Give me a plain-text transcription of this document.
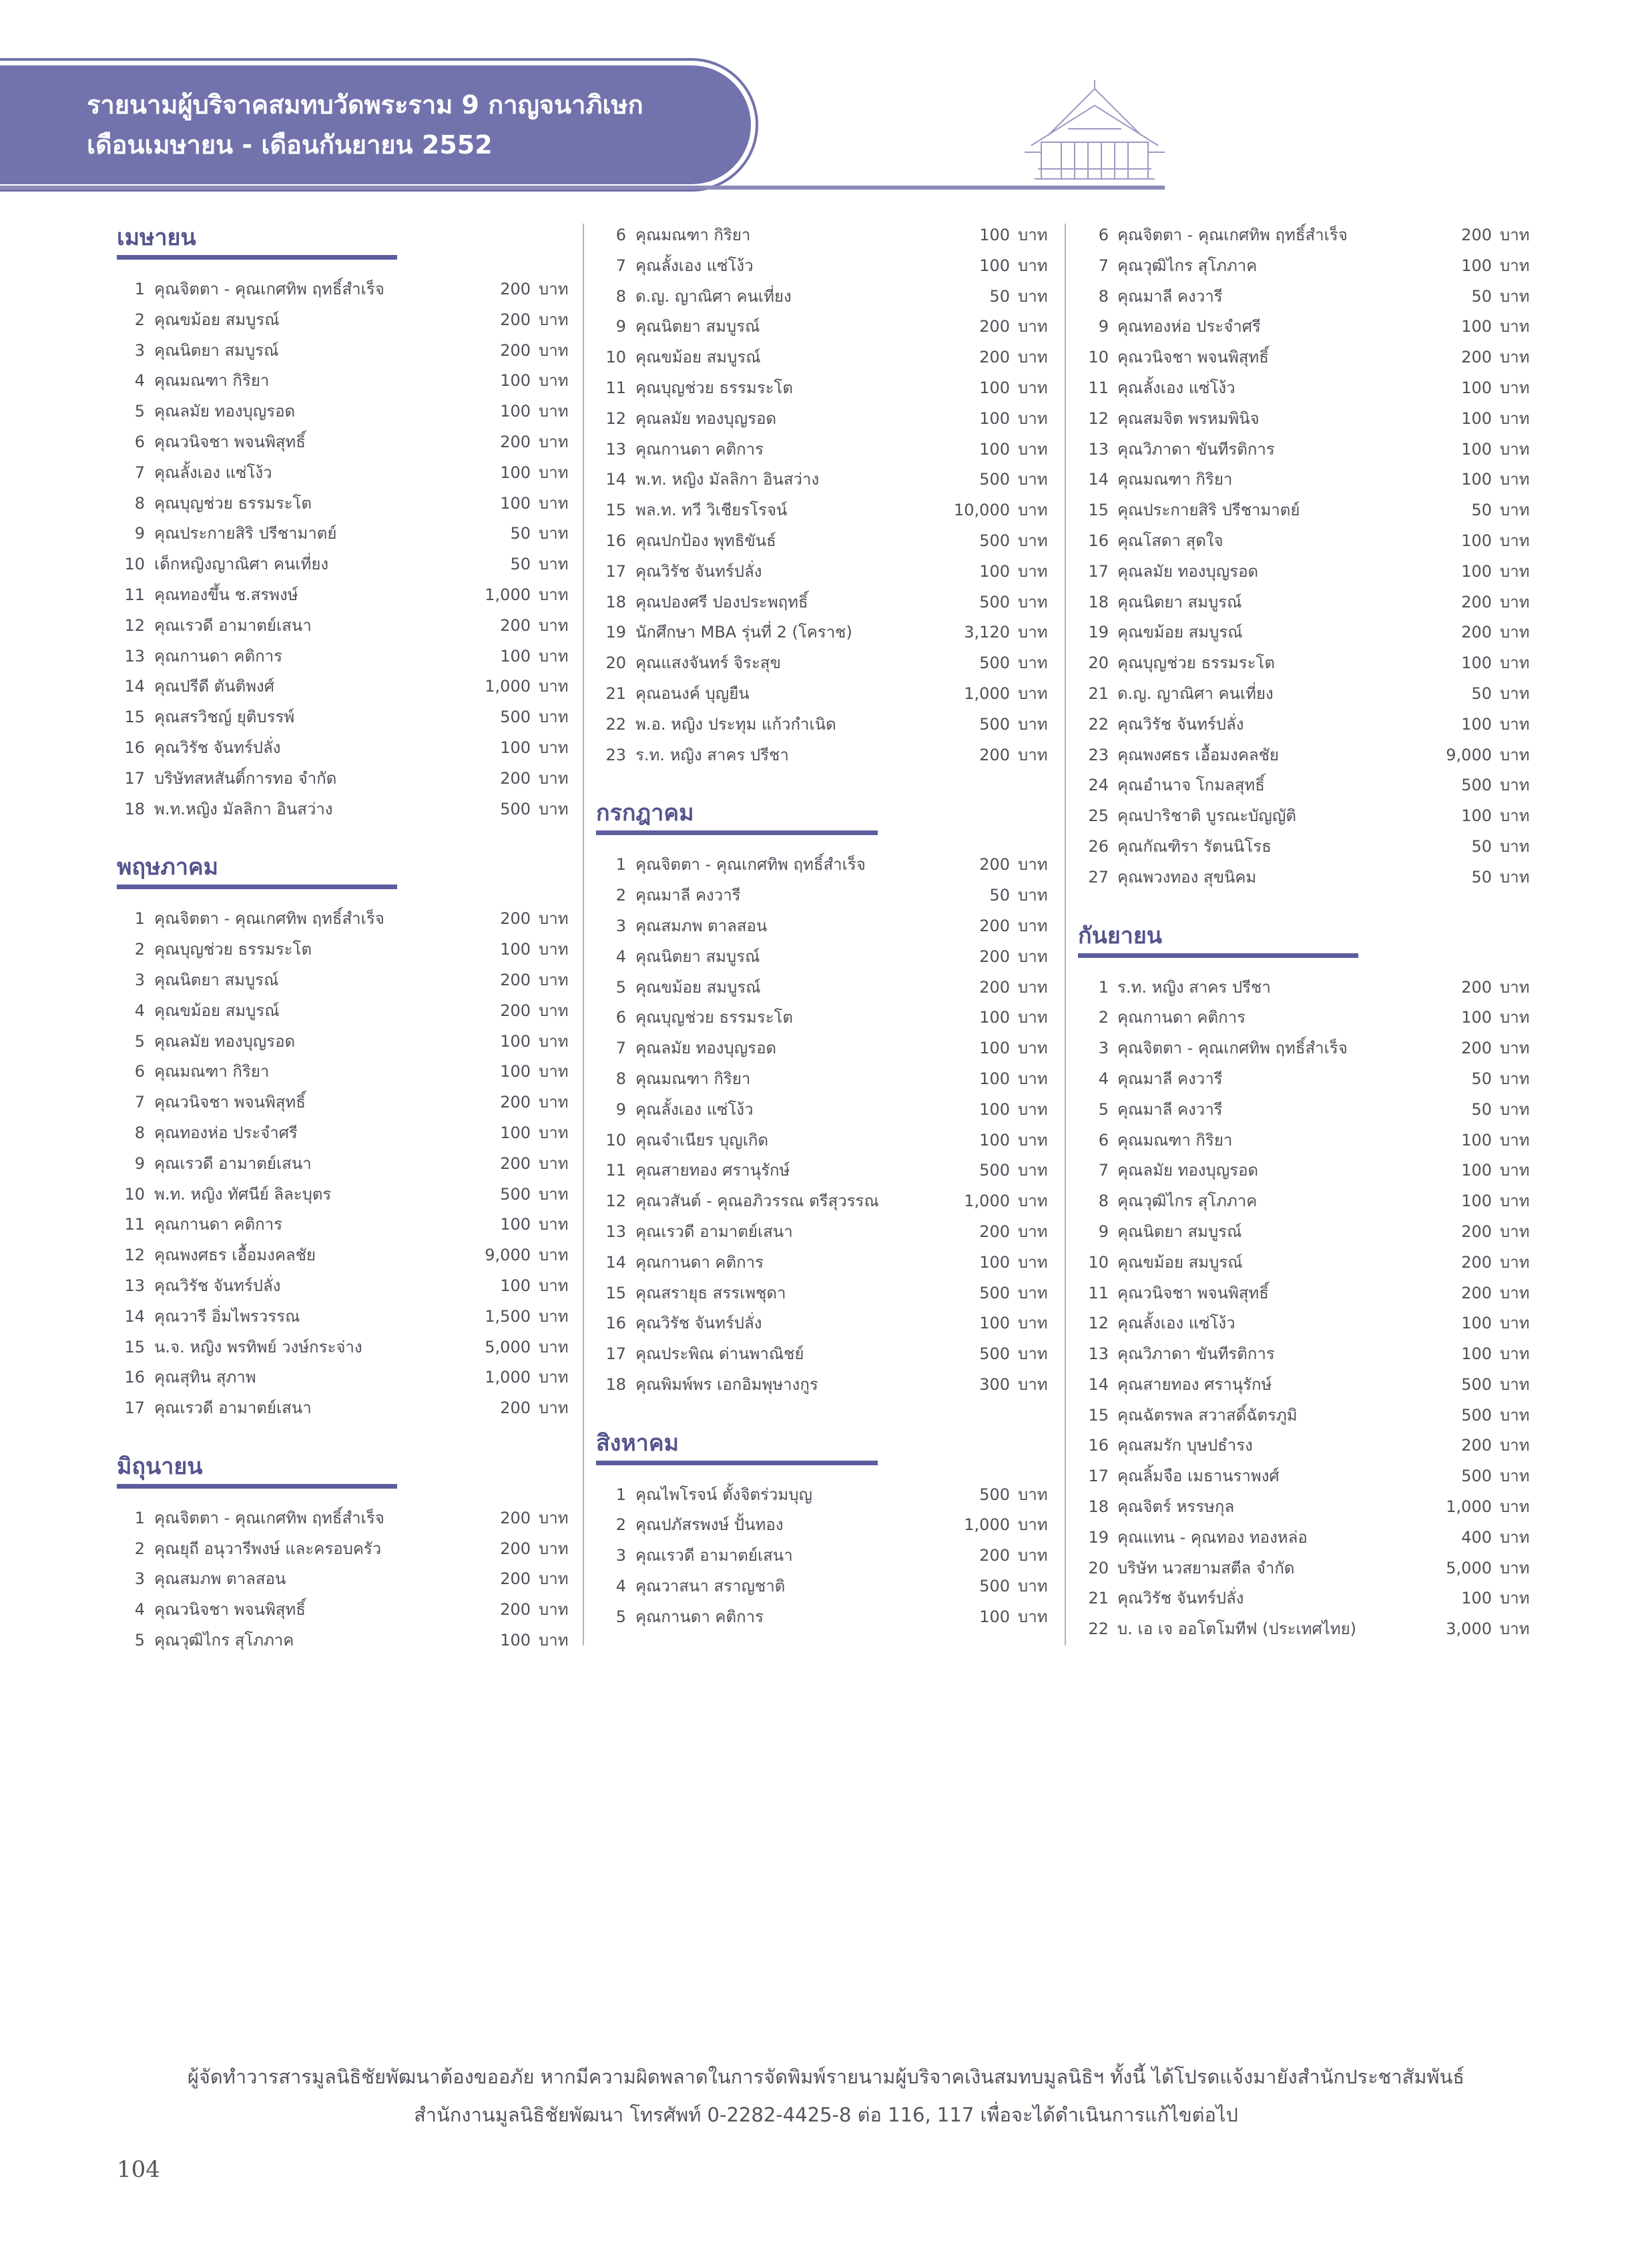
รายนามผู้บริจาคสมทบวัดพระราม 9 กาญจนาภิเษก
เดือนเมษายน - เดือนกันยายน 2552
เมษายน
1 คุณจิตตา - คุณเกศทิพ ฤทธิ์สำเร็จ	200 บาท
2 คุณขม้อย สมบูรณ์	200 บาท
3 คุณนิตยา สมบูรณ์	200 บาท
4 คุณมณฑา กิริยา	100 บาท
5 คุณลมัย ทองบุญรอด	100 บาท
6 คุณวนิจชา พจนพิสุทธิ์	200 บาท
7 คุณลั้งเอง แซ่โง้ว	100 บาท
8 คุณบุญช่วย ธรรมระโต	100 บาท
9 คุณประกายสิริ ปรีชามาตย์	50 บาท
10 เด็กหญิงญาณิศา คนเที่ยง	50 บาท
11 คุณทองขึ้น ช.สรพงษ์	1,000 บาท
12 คุณเรวดี อามาตย์เสนา	200 บาท
13 คุณกานดา คติการ	100 บาท
14 คุณปรีดี ตันติพงศ์	1,000 บาท
15 คุณสรวิชญ์ ยุติบรรพ์	500 บาท
16 คุณวิรัช จันทร์ปลั่ง	100 บาท
17 บริษัทสหสันติ์การทอ จำกัด	200 บาท
18 พ.ท.หญิง มัลลิกา อินสว่าง	500 บาท
พฤษภาคม
1 คุณจิตตา - คุณเกศทิพ ฤทธิ์สำเร็จ	200 บาท
2 คุณบุญช่วย ธรรมระโต	100 บาท
3 คุณนิตยา สมบูรณ์	200 บาท
4 คุณขม้อย สมบูรณ์	200 บาท
5 คุณลมัย ทองบุญรอด	100 บาท
6 คุณมณฑา กิริยา	100 บาท
7 คุณวนิจชา พจนพิสุทธิ์	200 บาท
8 คุณทองห่อ ประจำศรี	100 บาท
9 คุณเรวดี อามาตย์เสนา	200 บาท
10 พ.ท. หญิง ทัศนีย์ ลิละบุตร	500 บาท
11 คุณกานดา คติการ	100 บาท
12 คุณพงศธร เอื้อมงคลชัย	9,000 บาท
13 คุณวิรัช จันทร์ปลั่ง	100 บาท
14 คุณวารี อิ่มไพรวรรณ	1,500 บาท
15 น.จ. หญิง พรทิพย์ วงษ์กระจ่าง	5,000 บาท
16 คุณสุทิน สุภาพ	1,000 บาท
17 คุณเรวดี อามาตย์เสนา	200 บาท
มิถุนายน
1 คุณจิตตา - คุณเกศทิพ ฤทธิ์สำเร็จ	200 บาท
2 คุณยุถี อนุวารีพงษ์ และครอบครัว	200 บาท
3 คุณสมภพ ตาลสอน	200 บาท
4 คุณวนิจชา พจนพิสุทธิ์	200 บาท
5 คุณวุฒิไกร สุโภภาค	100 บาท
6 คุณมณฑา กิริยา	100 บาท
7 คุณลั้งเอง แซ่โง้ว	100 บาท
8 ด.ญ. ญาณิศา คนเที่ยง	50 บาท
9 คุณนิตยา สมบูรณ์	200 บาท
10 คุณขม้อย สมบูรณ์	200 บาท
11 คุณบุญช่วย ธรรมระโต	100 บาท
12 คุณลมัย ทองบุญรอด	100 บาท
13 คุณกานดา คติการ	100 บาท
14 พ.ท. หญิง มัลลิกา อินสว่าง	500 บาท
15 พล.ท. ทวี วิเชียรโรจน์	10,000 บาท
16 คุณปกป้อง พุทธิขันธ์	500 บาท
17 คุณวิรัช จันทร์ปลั่ง	100 บาท
18 คุณปองศรี ปองประพฤทธิ์	500 บาท
19 นักศึกษา MBA รุ่นที่ 2 (โคราช)	3,120 บาท
20 คุณแสงจันทร์ จิระสุข	500 บาท
21 คุณอนงค์ บุญยืน	1,000 บาท
22 พ.อ. หญิง ประทุม แก้วกำเนิด	500 บาท
23 ร.ท. หญิง สาคร ปรีชา	200 บาท
กรกฎาคม
1 คุณจิตตา - คุณเกศทิพ ฤทธิ์สำเร็จ	200 บาท
2 คุณมาลี คงวารี	50 บาท
3 คุณสมภพ ตาลสอน	200 บาท
4 คุณนิตยา สมบูรณ์	200 บาท
5 คุณขม้อย สมบูรณ์	200 บาท
6 คุณบุญช่วย ธรรมระโต	100 บาท
7 คุณลมัย ทองบุญรอด	100 บาท
8 คุณมณฑา กิริยา	100 บาท
9 คุณลั้งเอง แซ่โง้ว	100 บาท
10 คุณจำเนียร บุญเกิด	100 บาท
11 คุณสายทอง ศรานุรักษ์	500 บาท
12 คุณวสันต์ - คุณอภิวรรณ ตรีสุวรรณ	1,000 บาท
13 คุณเรวดี อามาตย์เสนา	200 บาท
14 คุณกานดา คติการ	100 บาท
15 คุณสรายุธ สรรเพชุดา	500 บาท
16 คุณวิรัช จันทร์ปลั่ง	100 บาท
17 คุณประพิณ ด่านพาณิชย์	500 บาท
18 คุณพิมพ์พร เอกอิมพุษางกูร	300 บาท
สิงหาคม
1 คุณไพโรจน์ ตั้งจิตร่วมบุญ	500 บาท
2 คุณปภัสรพงษ์ ปั้นทอง	1,000 บาท
3 คุณเรวดี อามาตย์เสนา	200 บาท
4 คุณวาสนา สราญชาติ	500 บาท
5 คุณกานดา คติการ	100 บาท
6 คุณจิตตา - คุณเกศทิพ ฤทธิ์สำเร็จ	200 บาท
7 คุณวุฒิไกร สุโภภาค	100 บาท
8 คุณมาลี คงวารี	50 บาท
9 คุณทองห่อ ประจำศรี	100 บาท
10 คุณวนิจชา พจนพิสุทธิ์	200 บาท
11 คุณลั้งเอง แซ่โง้ว	100 บาท
12 คุณสมจิต พรหมพินิจ	100 บาท
13 คุณวิภาดา ขันทีรติการ	100 บาท
14 คุณมณฑา กิริยา	100 บาท
15 คุณประกายสิริ ปรีชามาตย์	50 บาท
16 คุณโสดา สุดใจ	100 บาท
17 คุณลมัย ทองบุญรอด	100 บาท
18 คุณนิตยา สมบูรณ์	200 บาท
19 คุณขม้อย สมบูรณ์	200 บาท
20 คุณบุญช่วย ธรรมระโต	100 บาท
21 ด.ญ. ญาณิศา คนเที่ยง	50 บาท
22 คุณวิรัช จันทร์ปลั่ง	100 บาท
23 คุณพงศธร เอื้อมงคลชัย	9,000 บาท
24 คุณอำนาจ โกมลสุทธิ์	500 บาท
25 คุณปาริชาติ บูรณะบัญญัติ	100 บาท
26 คุณกัณฑิรา รัตนนิโรธ	50 บาท
27 คุณพวงทอง สุขนิคม	50 บาท
กันยายน
1 ร.ท. หญิง สาคร ปรีชา	200 บาท
2 คุณกานดา คติการ	100 บาท
3 คุณจิตตา - คุณเกศทิพ ฤทธิ์สำเร็จ	200 บาท
4 คุณมาลี คงวารี	50 บาท
5 คุณมาลี คงวารี	50 บาท
6 คุณมณฑา กิริยา	100 บาท
7 คุณลมัย ทองบุญรอด	100 บาท
8 คุณวุฒิไกร สุโภภาค	100 บาท
9 คุณนิตยา สมบูรณ์	200 บาท
10 คุณขม้อย สมบูรณ์	200 บาท
11 คุณวนิจชา พจนพิสุทธิ์	200 บาท
12 คุณลั้งเอง แซ่โง้ว	100 บาท
13 คุณวิภาดา ขันทีรติการ	100 บาท
14 คุณสายทอง ศรานุรักษ์	500 บาท
15 คุณฉัตรพล สวาสดิ์ฉัตรภูมิ	500 บาท
16 คุณสมรัก บุษปธำรง	200 บาท
17 คุณลิ้มจือ เมธานราพงศ์	500 บาท
18 คุณจิตร์ หรรษกุล	1,000 บาท
19 คุณแทน - คุณทอง ทองหล่อ	400 บาท
20 บริษัท นวสยามสตีล จำกัด	5,000 บาท
21 คุณวิรัช จันทร์ปลั่ง	100 บาท
22 บ. เอ เจ ออโตโมทีฟ (ประเทศไทย)	3,000 บาท
ผู้จัดทำวารสารมูลนิธิชัยพัฒนาต้องขออภัย หากมีความผิดพลาดในการจัดพิมพ์รายนามผู้บริจาคเงินสมทบมูลนิธิฯ ทั้งนี้ ได้โปรดแจ้งมายังสำนักประชาสัมพันธ์
สำนักงานมูลนิธิชัยพัฒนา โทรศัพท์ 0-2282-4425-8 ต่อ 116, 117 เพื่อจะได้ดำเนินการแก้ไขต่อไป
104
